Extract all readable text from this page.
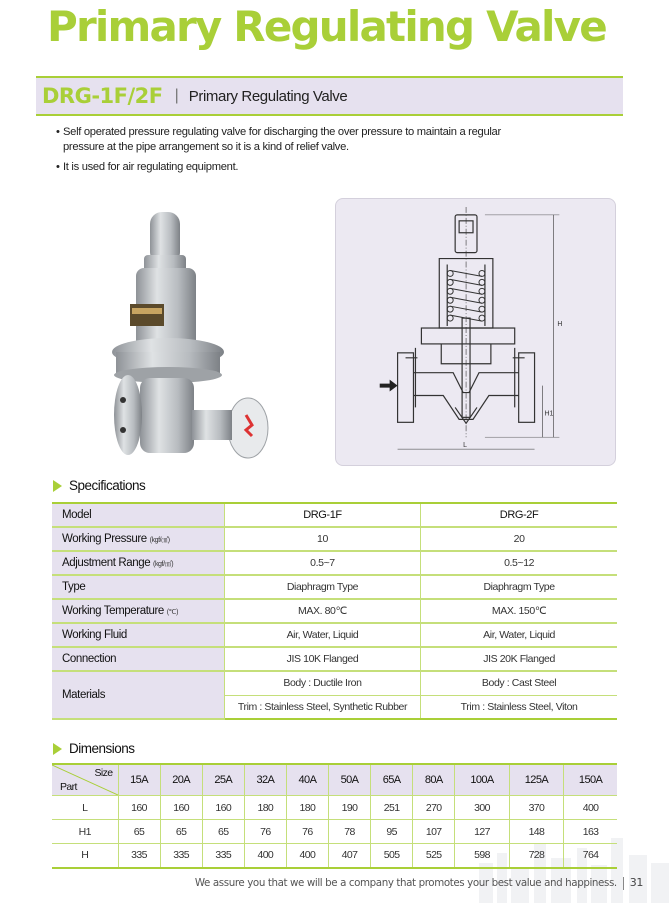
Primary Regulating Valve
DRG-1F/2F | Primary Regulating Valve
• Self operated pressure regulating valve for discharging the over pressure to maintain a regular pressure at the pipe arrangement so it is a kind of relief valve.
• It is used for air regulating equipment.
H
H1
L
Specifications
Model	DRG-1F	DRG-2F
Working Pressure (kgf/㎠)	10	20
Adjustment Range (kgf/㎠)	0.5~7	0.5~12
Type	Diaphragm Type	Diaphragm Type
Working Temperature (℃)	MAX. 80℃	MAX. 150℃
Working Fluid	Air, Water, Liquid	Air, Water, Liquid
Connection	JIS 10K Flanged	JIS 20K Flanged
Materials	Body : Ductile Iron	Body : Cast Steel
	Trim : Stainless Steel, Synthetic Rubber	Trim : Stainless Steel, Viton
Dimensions
Size
Part	15A	20A	25A	32A	40A	50A	65A	80A	100A	125A	150A
L	160	160	160	180	180	190	251	270	300	370	400
H1	65	65	65	76	76	78	95	107	127	148	163
H	335	335	335	400	400	407	505	525	598	728	764
We assure you that we will be a company that promotes your best value and happiness. 31
